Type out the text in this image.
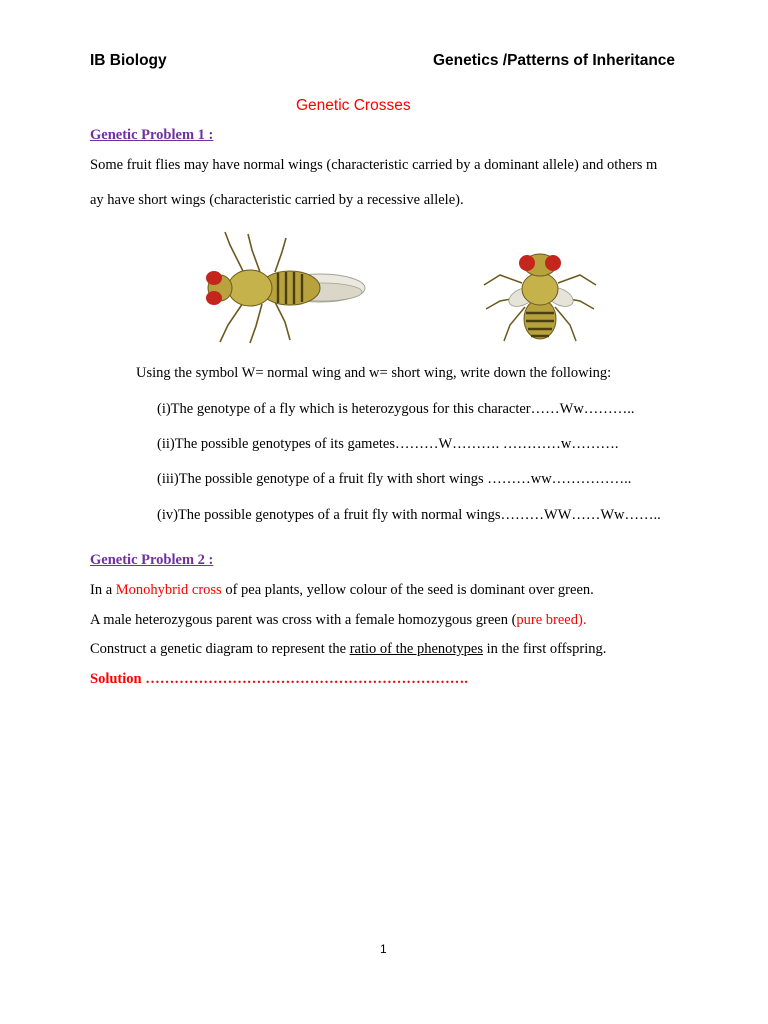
IB Biology	Genetics /Patterns of Inheritance
Genetic Crosses
Genetic Problem 1 :
Some fruit flies may have normal wings (characteristic carried by a dominant allele) and others m
ay have short wings (characteristic carried by a recessive allele).
Using the symbol W= normal wing and w= short wing, write down the following:
(i)The genotype of a fly which is heterozygous for this character……Ww………..
(ii)The possible genotypes of its gametes………W………. …………w……….
(iii)The possible genotype of a fruit fly with short wings ………ww……………..
(iv)The possible genotypes of a fruit fly with normal wings………WW……Ww……..
Genetic Problem 2 :
In a Monohybrid cross of pea plants, yellow colour of the seed is dominant over green.
A male heterozygous parent was cross with a female homozygous green (pure breed).
Construct a genetic diagram to represent the ratio of the phenotypes in the first offspring.
Solution ………………………………………………………….
1
